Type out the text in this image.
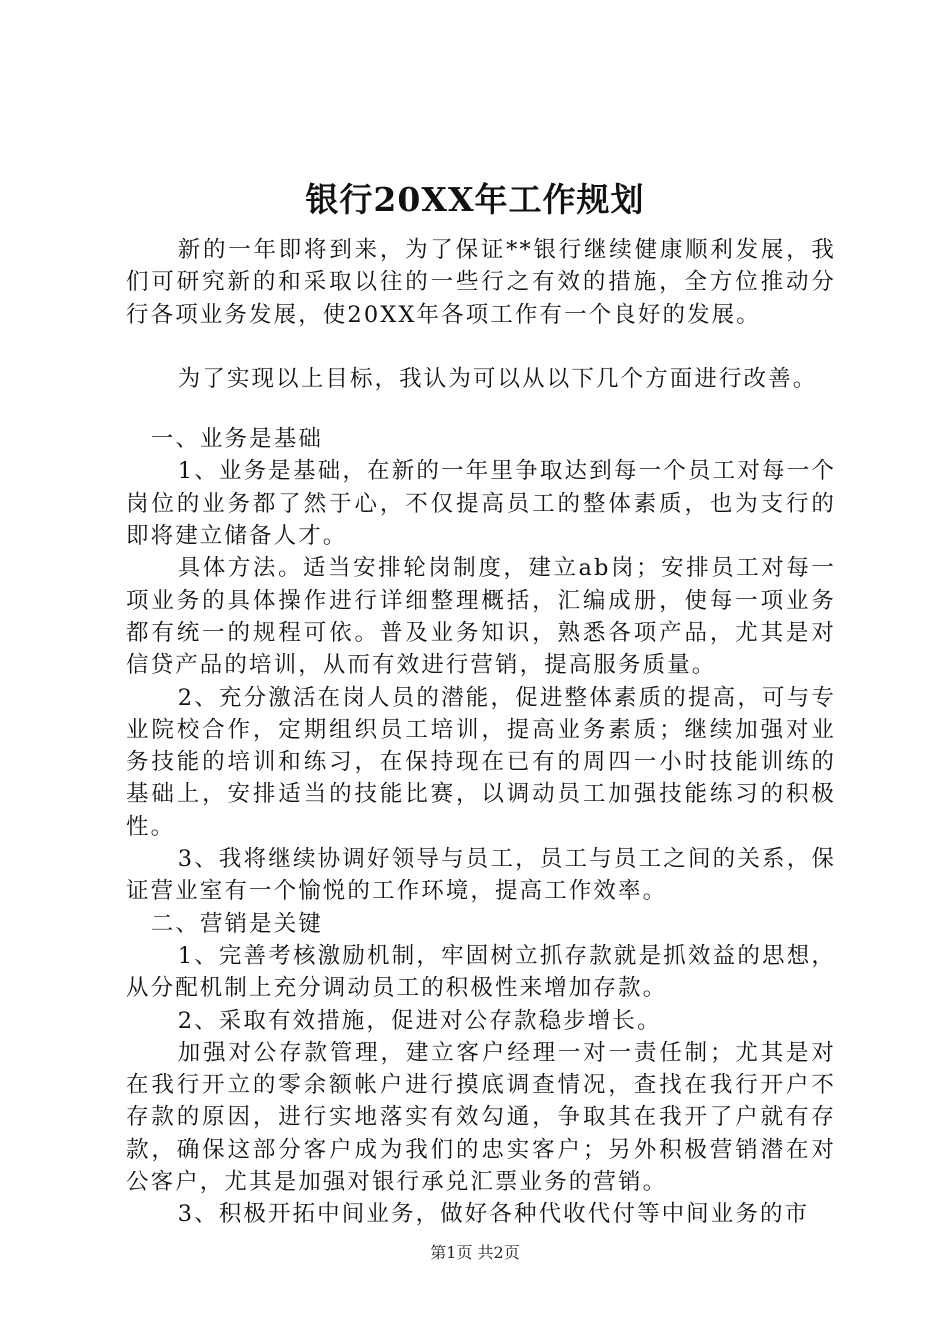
银行20XX年工作规划

新的一年即将到来，为了保证**银行继续健康顺利发展，我们可研究新的和采取以往的一些行之有效的措施，全方位推动分行各项业务发展，使20XX年各项工作有一个良好的发展。

为了实现以上目标，我认为可以从以下几个方面进行改善。

一、业务是基础

1、业务是基础，在新的一年里争取达到每一个员工对每一个岗位的业务都了然于心，不仅提高员工的整体素质，也为支行的即将建立储备人才。

具体方法。适当安排轮岗制度，建立ab岗；安排员工对每一项业务的具体操作进行详细整理概括，汇编成册，使每一项业务都有统一的规程可依。普及业务知识，熟悉各项产品，尤其是对信贷产品的培训，从而有效进行营销，提高服务质量。

2、充分激活在岗人员的潜能，促进整体素质的提高，可与专业院校合作，定期组织员工培训，提高业务素质；继续加强对业务技能的培训和练习，在保持现在已有的周四一小时技能训练的基础上，安排适当的技能比赛，以调动员工加强技能练习的积极性。

3、我将继续协调好领导与员工，员工与员工之间的关系，保证营业室有一个愉悦的工作环境，提高工作效率。

二、营销是关键

1、完善考核激励机制，牢固树立抓存款就是抓效益的思想，从分配机制上充分调动员工的积极性来增加存款。

2、采取有效措施，促进对公存款稳步增长。

加强对公存款管理，建立客户经理一对一责任制；尤其是对在我行开立的零余额帐户进行摸底调查情况，查找在我行开户不存款的原因，进行实地落实有效勾通，争取其在我开了户就有存款，确保这部分客户成为我们的忠实客户；另外积极营销潜在对公客户，尤其是加强对银行承兑汇票业务的营销。

3、积极开拓中间业务，做好各种代收代付等中间业务的市

第1页 共2页
